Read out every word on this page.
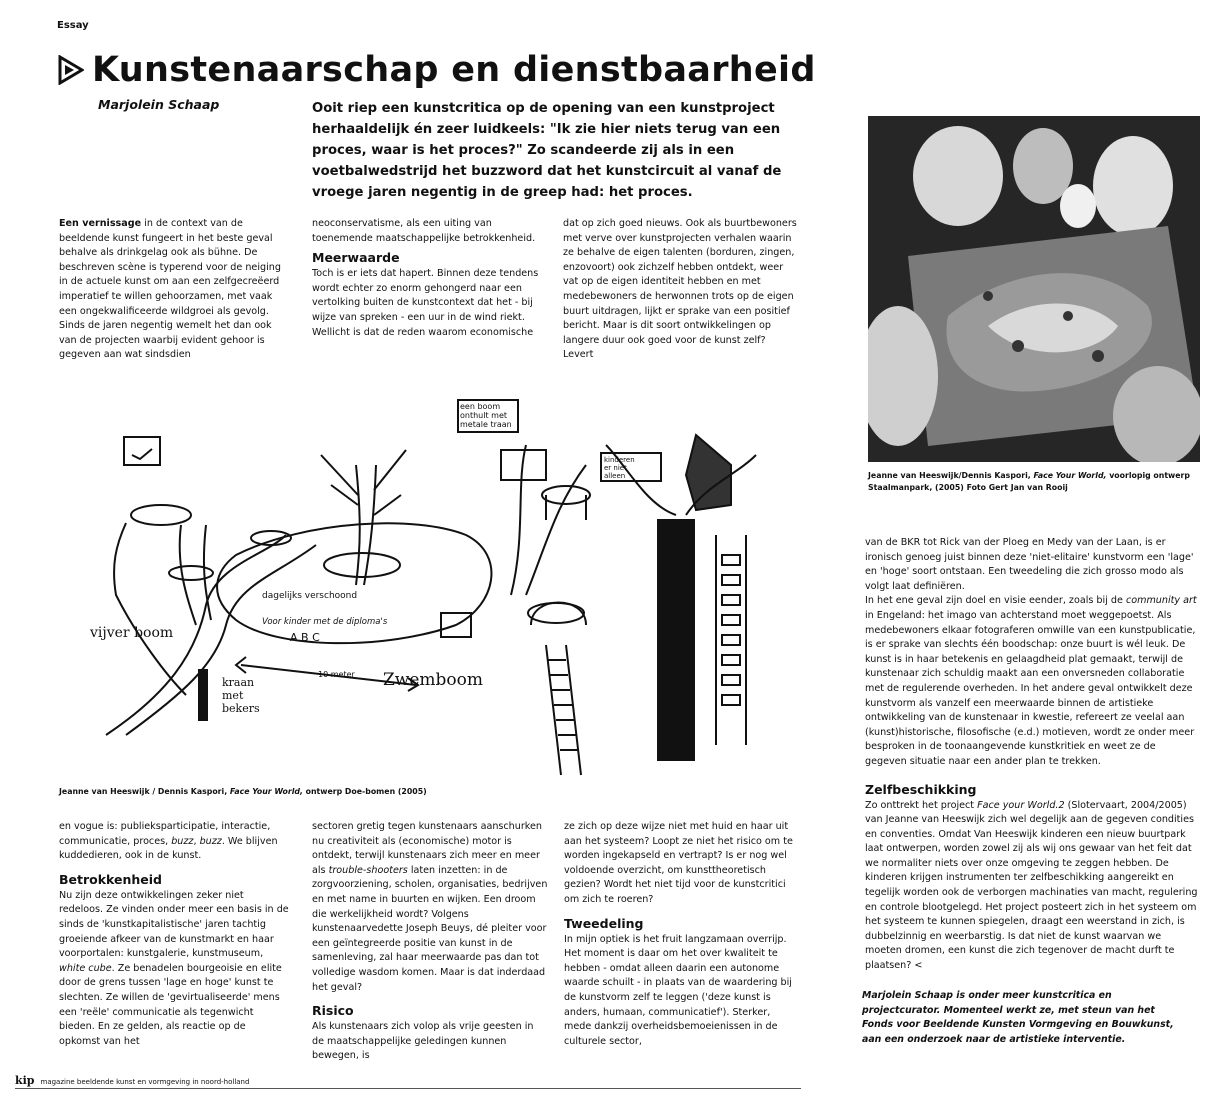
Essay
Kunstenaarschap en dienstbaarheid
Marjolein Schaap	Ooit riep een kunstcritica op de opening van een kunstproject herhaaldelijk én zeer luidkeels: "Ik zie hier niets terug van een proces, waar is het proces?" Zo scandeerde zij als in een voetbalwedstrijd het buzzword dat het kunstcircuit al vanaf de vroege jaren negentig in de greep had: het proces.

Een vernissage in de context van de beeldende kunst fungeert in het beste geval behalve als drinkgelag ook als bühne. De beschreven scène is typerend voor de neiging in de actuele kunst om aan een zelfgecreëerd imperatief te willen gehoorzamen, met vaak een ongekwalificeerde wildgroei als gevolg. Sinds de jaren negentig wemelt het dan ook van de projecten waarbij evident gehoor is gegeven aan wat sindsdien

neoconservatisme, als een uiting van toenemende maatschappelijke betrokkenheid.

Meerwaarde

Toch is er iets dat hapert. Binnen deze tendens wordt echter zo enorm gehongerd naar een vertolking buiten de kunstcontext dat het - bij wijze van spreken - een uur in de wind riekt. Wellicht is dat de reden waarom economische

dat op zich goed nieuws. Ook als buurtbewoners met verve over kunstprojecten verhalen waarin ze behalve de eigen talenten (borduren, zingen, enzovoort) ook zichzelf hebben ontdekt, weer vat op de eigen identiteit hebben en met medebewoners de herwonnen trots op de eigen buurt uitdragen, lijkt er sprake van een positief bericht. Maar is dit soort ontwikkelingen op langere duur ook goed voor de kunst zelf? Levert

vijver boom
dagelijks verschoond
Voor kinder met de diploma's
A B C
10 meter Zwemboom
kraan
met
bekers
een boom
onthult met
metale traan
kinderen
er niet
alleen
Jeanne van Heeswijk / Dennis Kaspori, Face Your World, ontwerp Doe-bomen (2005)
Jeanne van Heeswijk/Dennis Kaspori, Face Your World, voorlopig ontwerp Staalmanpark, (2005) Foto Gert Jan van Rooij

van de BKR tot Rick van der Ploeg en Medy van der Laan, is er ironisch genoeg juist binnen deze 'niet-elitaire' kunstvorm een 'lage' en 'hoge' soort ontstaan. Een tweedeling die zich grosso modo als volgt laat definiëren.

In het ene geval zijn doel en visie eender, zoals bij de community art in Engeland: het imago van achterstand moet weggepoetst. Als medebewoners elkaar fotograferen omwille van een kunstpublicatie, is er sprake van slechts één boodschap: onze buurt is wél leuk. De kunst is in haar betekenis en gelaagdheid plat gemaakt, terwijl de kunstenaar zich schuldig maakt aan een onversneden collaboratie met de regulerende overheden. In het andere geval ontwikkelt deze kunstvorm als vanzelf een meerwaarde binnen de artistieke ontwikkeling van de kunstenaar in kwestie, refereert ze veelal aan (kunst)historische, filosofische (e.d.) motieven, wordt ze onder meer besproken in de toonaangevende kunstkritiek en weet ze de gegeven situatie naar een ander plan te trekken.

Zelfbeschikking

Zo onttrekt het project Face your World.2 (Slotervaart, 2004/2005) van Jeanne van Heeswijk zich wel degelijk aan de gegeven condities en conventies. Omdat Van Heeswijk kinderen een nieuw buurtpark laat ontwerpen, worden zowel zij als wij ons gewaar van het feit dat we normaliter niets over onze omgeving te zeggen hebben. De kinderen krijgen instrumenten ter zelfbeschikking aangereikt en tegelijk worden ook de verborgen machinaties van macht, regulering en controle blootgelegd. Het project posteert zich in het systeem om het systeem te kunnen spiegelen, draagt een weerstand in zich, is dubbelzinnig en weerbarstig. Is dat niet de kunst waarvan we moeten dromen, een kunst die zich tegenover de macht durft te plaatsen? <

Marjolein Schaap is onder meer kunstcritica en projectcurator. Momenteel werkt ze, met steun van het Fonds voor Beeldende Kunsten Vormgeving en Bouwkunst, aan een onderzoek naar de artistieke interventie.

en vogue is: publieksparticipatie, interactie, communicatie, proces, buzz, buzz. We blijven kuddedieren, ook in de kunst.

Betrokkenheid

Nu zijn deze ontwikkelingen zeker niet redeloos. Ze vinden onder meer een basis in de sinds de 'kunstkapitalistische' jaren tachtig groeiende afkeer van de kunstmarkt en haar voorportalen: kunstgalerie, kunstmuseum, white cube. Ze benadelen bourgeoisie en elite door de grens tussen 'lage en hoge' kunst te slechten. Ze willen de 'gevirtualiseerde' mens een 'reële' communicatie als tegenwicht bieden. En ze gelden, als reactie op de opkomst van het

sectoren gretig tegen kunstenaars aanschurken nu creativiteit als (economische) motor is ontdekt, terwijl kunstenaars zich meer en meer als trouble-shooters laten inzetten: in de zorgvoorziening, scholen, organisaties, bedrijven en met name in buurten en wijken. Een droom die werkelijkheid wordt? Volgens kunstenaarvedette Joseph Beuys, dé pleiter voor een geïntegreerde positie van kunst in de samenleving, zal haar meerwaarde pas dan tot volledige wasdom komen. Maar is dat inderdaad het geval?

Risico

Als kunstenaars zich volop als vrije geesten in de maatschappelijke geledingen kunnen bewegen, is

ze zich op deze wijze niet met huid en haar uit aan het systeem? Loopt ze niet het risico om te worden ingekapseld en vertrapt? Is er nog wel voldoende overzicht, om kunsttheoretisch gezien? Wordt het niet tijd voor de kunstcritici om zich te roeren?

Tweedeling

In mijn optiek is het fruit langzamaan overrijp. Het moment is daar om het over kwaliteit te hebben - omdat alleen daarin een autonome waarde schuilt - in plaats van de waardering bij de kunstvorm zelf te leggen ('deze kunst is anders, humaan, communicatief'). Sterker, mede dankzij overheidsbemoeienissen in de culturele sector,

kip magazine beeldende kunst en vormgeving in noord-holland
